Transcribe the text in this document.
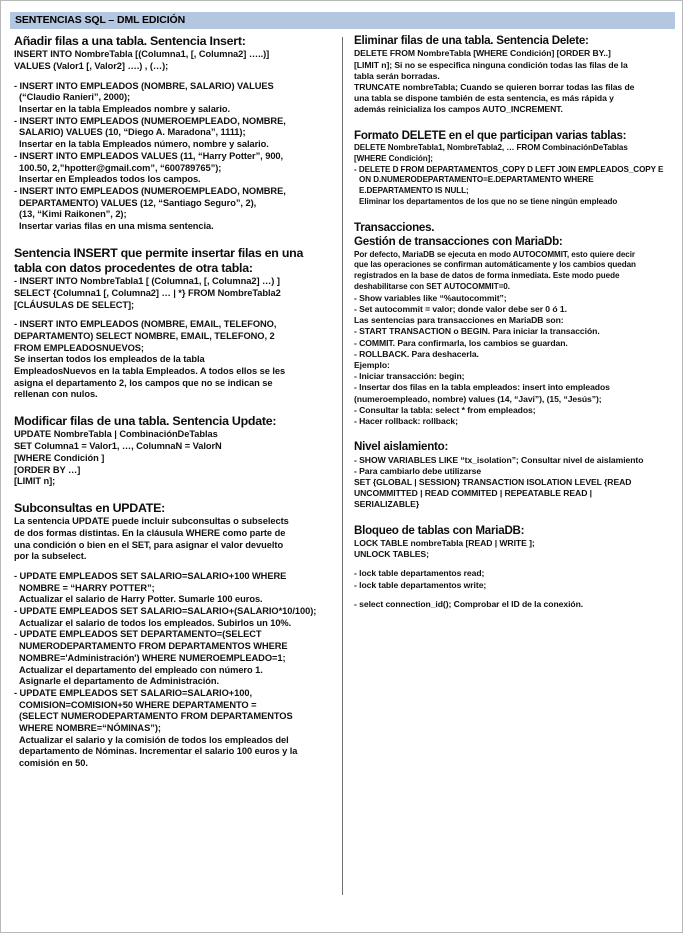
SENTENCIAS SQL – DML EDICIÓN
Añadir filas a una tabla. Sentencia Insert:
INSERT INTO NombreTabla [(Columna1, [, Columna2] …..)]
VALUES (Valor1 [, Valor2] ….) , (…);
- INSERT INTO EMPLEADOS (NOMBRE, SALARIO) VALUES
(“Claudio Ranieri”, 2000);
Insertar en la tabla Empleados nombre y salario.
- INSERT INTO EMPLEADOS (NUMEROEMPLEADO, NOMBRE,
SALARIO) VALUES (10, “Diego A. Maradona”, 1111);
Insertar en la tabla Empleados número, nombre y salario.
- INSERT INTO EMPLEADOS VALUES (11, “Harry Potter”, 900,
100.50, 2,”hpotter@gmail.com”, “600789765”);
Insertar en Empleados todos los campos.
- INSERT INTO EMPLEADOS (NUMEROEMPLEADO, NOMBRE,
DEPARTAMENTO) VALUES (12, “Santiago Seguro”, 2),
(13, “Kimi Raikonen”, 2);
Insertar varias filas en una misma sentencia.
Sentencia INSERT que permite insertar filas en una tabla con datos procedentes de otra tabla:
- INSERT INTO NombreTabla1 [ (Columna1, [, Columna2] …) ]
SELECT {Columna1 [, Columna2] … | *} FROM NombreTabla2
[CLÁUSULAS DE SELECT];
- INSERT INTO EMPLEADOS (NOMBRE, EMAIL, TELEFONO,
DEPARTAMENTO) SELECT NOMBRE, EMAIL, TELEFONO, 2
FROM EMPLEADOSNUEVOS;
Se insertan todos los empleados de la tabla
EmpleadosNuevos en la tabla Empleados. A todos ellos se les
asigna el departamento 2, los campos que no se indican se
rellenan con nulos.
Modificar filas de una tabla. Sentencia Update:
UPDATE NombreTabla | CombinaciónDeTablas
SET Columna1 = Valor1, …, ColumnaN = ValorN
[WHERE Condición ]
[ORDER BY …]
[LIMIT n];
Subconsultas en UPDATE:
La sentencia UPDATE puede incluir subconsultas o subselects
de dos formas distintas. En la cláusula WHERE como parte de
una condición o bien en el SET, para asignar el valor devuelto
por la subselect.
- UPDATE EMPLEADOS SET SALARIO=SALARIO+100 WHERE
NOMBRE = “HARRY POTTER”;
Actualizar el salario de Harry Potter. Sumarle 100 euros.
- UPDATE EMPLEADOS SET SALARIO=SALARIO+(SALARIO*10/100);
Actualizar el salario de todos los empleados. Subirlos un 10%.
- UPDATE EMPLEADOS SET DEPARTAMENTO=(SELECT
NUMERODEPARTAMENTO FROM DEPARTAMENTOS WHERE
NOMBRE='Administración') WHERE NUMEROEMPLEADO=1;
Actualizar el departamento del empleado con número 1.
Asignarle el departamento de Administración.
- UPDATE EMPLEADOS SET SALARIO=SALARIO+100,
COMISION=COMISION+50 WHERE DEPARTAMENTO =
(SELECT NUMERODEPARTAMENTO FROM DEPARTAMENTOS
WHERE NOMBRE=“NÓMINAS”);
Actualizar el salario y la comisión de todos los empleados del
departamento de Nóminas. Incrementar el salario 100 euros y la
comisión en 50.
Eliminar filas de una tabla. Sentencia Delete:
DELETE FROM NombreTabla [WHERE Condición] [ORDER BY..]
[LIMIT n]; Si no se especifica ninguna condición todas las filas de la
tabla serán borradas.
TRUNCATE nombreTabla; Cuando se quieren borrar todas las filas de
una tabla se dispone también de esta sentencia, es más rápida y
además reinicializa los campos AUTO_INCREMENT.
Formato DELETE en el que participan varias tablas:
DELETE NombreTabla1, NombreTabla2, … FROM CombinaciónDeTablas
[WHERE Condición];
- DELETE D FROM DEPARTAMENTOS_COPY D LEFT JOIN EMPLEADOS_COPY E
ON D.NUMERODEPARTAMENTO=E.DEPARTAMENTO WHERE
E.DEPARTAMENTO IS NULL;
Eliminar los departamentos de los que no se tiene ningún empleado
Transacciones.
Gestión de transacciones con MariaDb:
Por defecto, MariaDB se ejecuta en modo AUTOCOMMIT, esto quiere decir
que las operaciones se confirman automáticamente y los cambios quedan
registrados en la base de datos de forma inmediata. Este modo puede
deshabilitarse con SET AUTOCOMMIT=0.
- Show variables like “%autocommit”;
- Set autocommit = valor; donde valor debe ser 0 ó 1.
Las sentencias para transacciones en MariaDB son:
- START TRANSACTION o BEGIN. Para iniciar la transacción.
- COMMIT. Para confirmarla, los cambios se guardan.
- ROLLBACK. Para deshacerla.
Ejemplo:
- Iniciar transacción: begin;
- Insertar dos filas en la tabla empleados: insert into empleados
(numeroempleado, nombre) values (14, “Javi”), (15, “Jesús”);
- Consultar la tabla: select * from empleados;
- Hacer rollback: rollback;
Nivel aislamiento:
- SHOW VARIABLES LIKE “tx_isolation”; Consultar nivel de aislamiento
- Para cambiarlo debe utilizarse
SET {GLOBAL | SESSION} TRANSACTION ISOLATION LEVEL {READ
UNCOMMITTED | READ COMMITED | REPEATABLE READ |
SERIALIZABLE}
Bloqueo de tablas con MariaDB:
LOCK TABLE nombreTabla [READ | WRITE ];
UNLOCK TABLES;
- lock table departamentos read;
- lock table departamentos write;
- select connection_id(); Comprobar el ID de la conexión.
